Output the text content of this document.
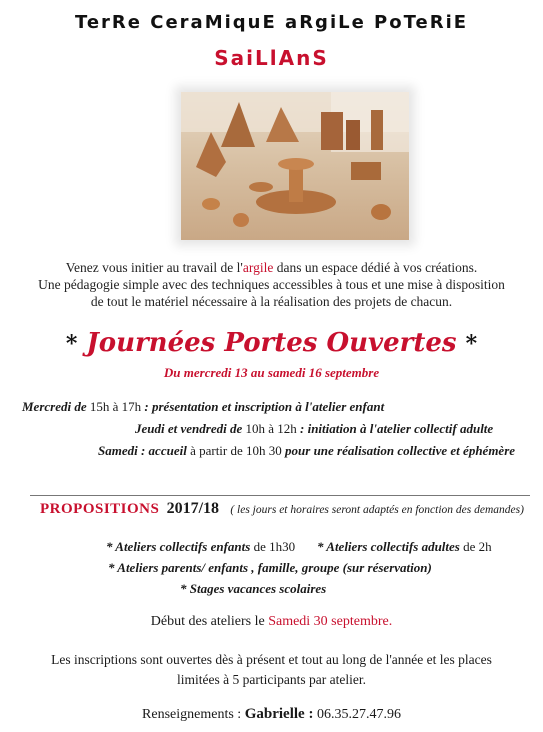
TerRe CeraMiquE aRgiLe PoTeRiE
SaiLlAnS
Venez vous initier au travail de l'argile dans un espace dédié à vos créations.
Une pédagogie simple avec des techniques accessibles à tous et une mise à disposition
de tout le matériel nécessaire à la réalisation des projets de chacun.
* Journées Portes Ouvertes *
Du mercredi 13 au samedi 16 septembre
Mercredi de 15h à 17h : présentation et inscription à l'atelier enfant
Jeudi et vendredi de 10h à 12h : initiation à l'atelier collectif adulte
Samedi : accueil à partir de 10h 30 pour une réalisation collective et éphémère
PROPOSITIONS 2017/18 ( les jours et horaires seront adaptés en fonction des demandes)
* Ateliers collectifs enfants de 1h30 * Ateliers collectifs adultes de 2h
* Ateliers parents/ enfants , famille, groupe (sur réservation)
* Stages vacances scolaires
Début des ateliers le Samedi 30 septembre.
Les inscriptions sont ouvertes dès à présent et tout au long de l'année et les places
limitées à 5 participants par atelier.
Renseignements : Gabrielle : 06.35.27.47.96
